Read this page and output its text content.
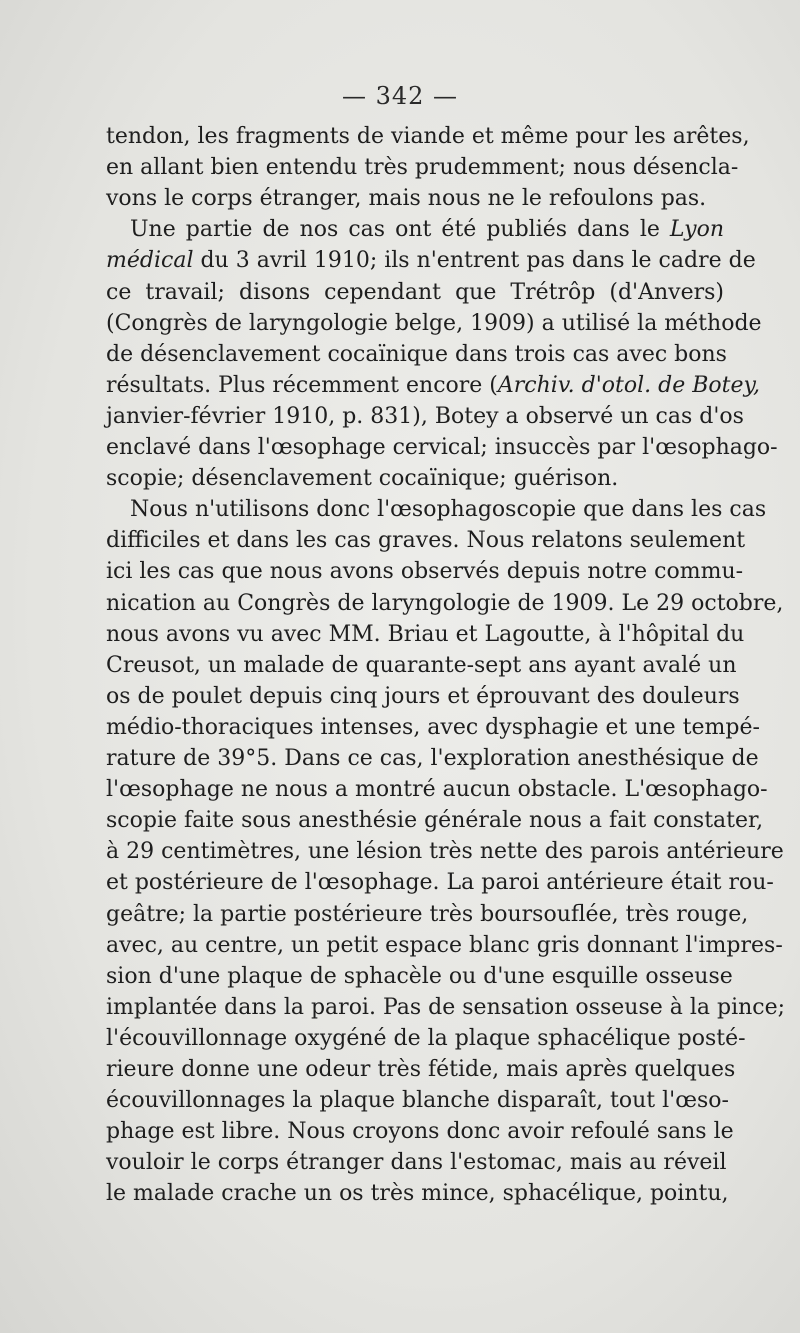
— 342 —
tendon, les fragments de viande et même pour les arêtes,
en allant bien entendu très prudemment; nous désencla-
vons le corps étranger, mais nous ne le refoulons pas.
Une partie de nos cas ont été publiés dans le Lyon
médical du 3 avril 1910; ils n'entrent pas dans le cadre de
ce travail; disons cependant que Trétrôp (d'Anvers)
(Congrès de laryngologie belge, 1909) a utilisé la méthode
de désenclavement cocaïnique dans trois cas avec bons
résultats. Plus récemment encore (Archiv. d'otol. de Botey,
janvier-février 1910, p. 831), Botey a observé un cas d'os
enclavé dans l'œsophage cervical; insuccès par l'œsophago-
scopie; désenclavement cocaïnique; guérison.
Nous n'utilisons donc l'œsophagoscopie que dans les cas
difficiles et dans les cas graves. Nous relatons seulement
ici les cas que nous avons observés depuis notre commu-
nication au Congrès de laryngologie de 1909. Le 29 octobre,
nous avons vu avec MM. Briau et Lagoutte, à l'hôpital du
Creusot, un malade de quarante-sept ans ayant avalé un
os de poulet depuis cinq jours et éprouvant des douleurs
médio-thoraciques intenses, avec dysphagie et une tempé-
rature de 39°5. Dans ce cas, l'exploration anesthésique de
l'œsophage ne nous a montré aucun obstacle. L'œsophago-
scopie faite sous anesthésie générale nous a fait constater,
à 29 centimètres, une lésion très nette des parois antérieure
et postérieure de l'œsophage. La paroi antérieure était rou-
geâtre; la partie postérieure très boursouflée, très rouge,
avec, au centre, un petit espace blanc gris donnant l'impres-
sion d'une plaque de sphacèle ou d'une esquille osseuse
implantée dans la paroi. Pas de sensation osseuse à la pince;
l'écouvillonnage oxygéné de la plaque sphacélique posté-
rieure donne une odeur très fétide, mais après quelques
écouvillonnages la plaque blanche disparaît, tout l'œso-
phage est libre. Nous croyons donc avoir refoulé sans le
vouloir le corps étranger dans l'estomac, mais au réveil
le malade crache un os très mince, sphacélique, pointu,
